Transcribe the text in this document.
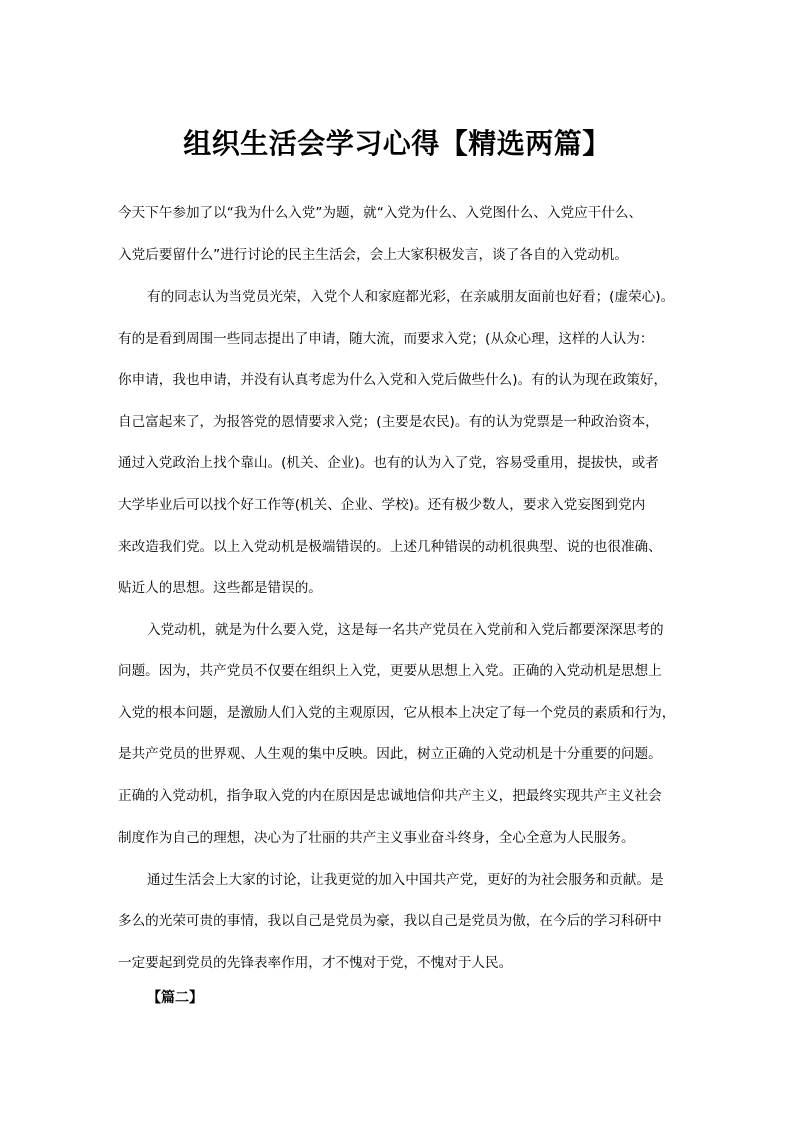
组织生活会学习心得【精选两篇】

今天下午参加了以“我为什么入党”为题，就“入党为什么、入党图什么、入党应干什么、

入党后要留什么”进行讨论的民主生活会，会上大家积极发言，谈了各自的入党动机。

有的同志认为当党员光荣，入党个人和家庭都光彩，在亲戚朋友面前也好看；(虚荣心)。

有的是看到周围一些同志提出了申请，随大流，而要求入党；(从众心理，这样的人认为：

你申请，我也申请，并没有认真考虑为什么入党和入党后做些什么)。有的认为现在政策好，

自己富起来了，为报答党的恩情要求入党；(主要是农民)。有的认为党票是一种政治资本，

通过入党政治上找个靠山。(机关、企业)。也有的认为入了党，容易受重用，提拔快，或者

大学毕业后可以找个好工作等(机关、企业、学校)。还有极少数人，要求入党妄图到党内

来改造我们党。以上入党动机是极端错误的。上述几种错误的动机很典型、说的也很准确、

贴近人的思想。这些都是错误的。

入党动机，就是为什么要入党，这是每一名共产党员在入党前和入党后都要深深思考的

问题。因为，共产党员不仅要在组织上入党，更要从思想上入党。正确的入党动机是思想上

入党的根本问题，是激励人们入党的主观原因，它从根本上决定了每一个党员的素质和行为，

是共产党员的世界观、人生观的集中反映。因此，树立正确的入党动机是十分重要的问题。

正确的入党动机，指争取入党的内在原因是忠诚地信仰共产主义，把最终实现共产主义社会

制度作为自己的理想，决心为了壮丽的共产主义事业奋斗终身，全心全意为人民服务。

通过生活会上大家的讨论，让我更觉的加入中国共产党，更好的为社会服务和贡献。是

多么的光荣可贵的事情，我以自己是党员为豪，我以自己是党员为傲，在今后的学习科研中

一定要起到党员的先锋表率作用，才不愧对于党，不愧对于人民。

【篇二】
